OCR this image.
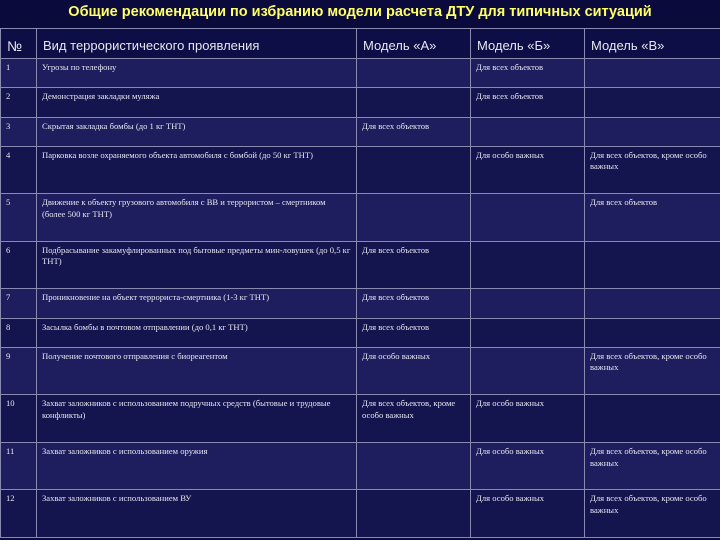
Общие рекомендации по избранию модели расчета ДТУ для типичных ситуаций
№	Вид террористического проявления	Модель «А»	Модель «Б»	Модель «В»
1	Угрозы по телефону		Для всех объектов	
2	Демонстрация закладки муляжа		Для всех объектов	
3	Скрытая закладка бомбы (до 1 кг ТНТ)	Для всех объектов		
4	Парковка возле охраняемого объекта автомобиля с бомбой (до 50 кг ТНТ)		Для особо важных	Для всех объектов, кроме особо важных
5	Движение к объекту грузового автомобиля с ВВ и террористом – смертником (более 500 кг ТНТ)			Для всех объектов
6	Подбрасывание закамуфлированных под бытовые предметы мин-ловушек (до 0,5 кг ТНТ)	Для всех объектов		
7	Проникновение на объект террориста-смертника (1-3 кг ТНТ)	Для всех объектов		
8	Засылка бомбы в почтовом отправлении (до 0,1 кг ТНТ)	Для всех объектов		
9	Получение почтового отправления с биореагентом	Для особо важных		Для всех объектов, кроме особо важных
10	Захват заложников с использованием подручных средств (бытовые и трудовые конфликты)	Для всех объектов, кроме особо важных	Для особо важных	
11	Захват заложников с использованием оружия		Для особо важных	Для всех объектов, кроме особо важных
12	Захват заложников с использованием ВУ		Для особо важных	Для всех объектов, кроме особо важных
